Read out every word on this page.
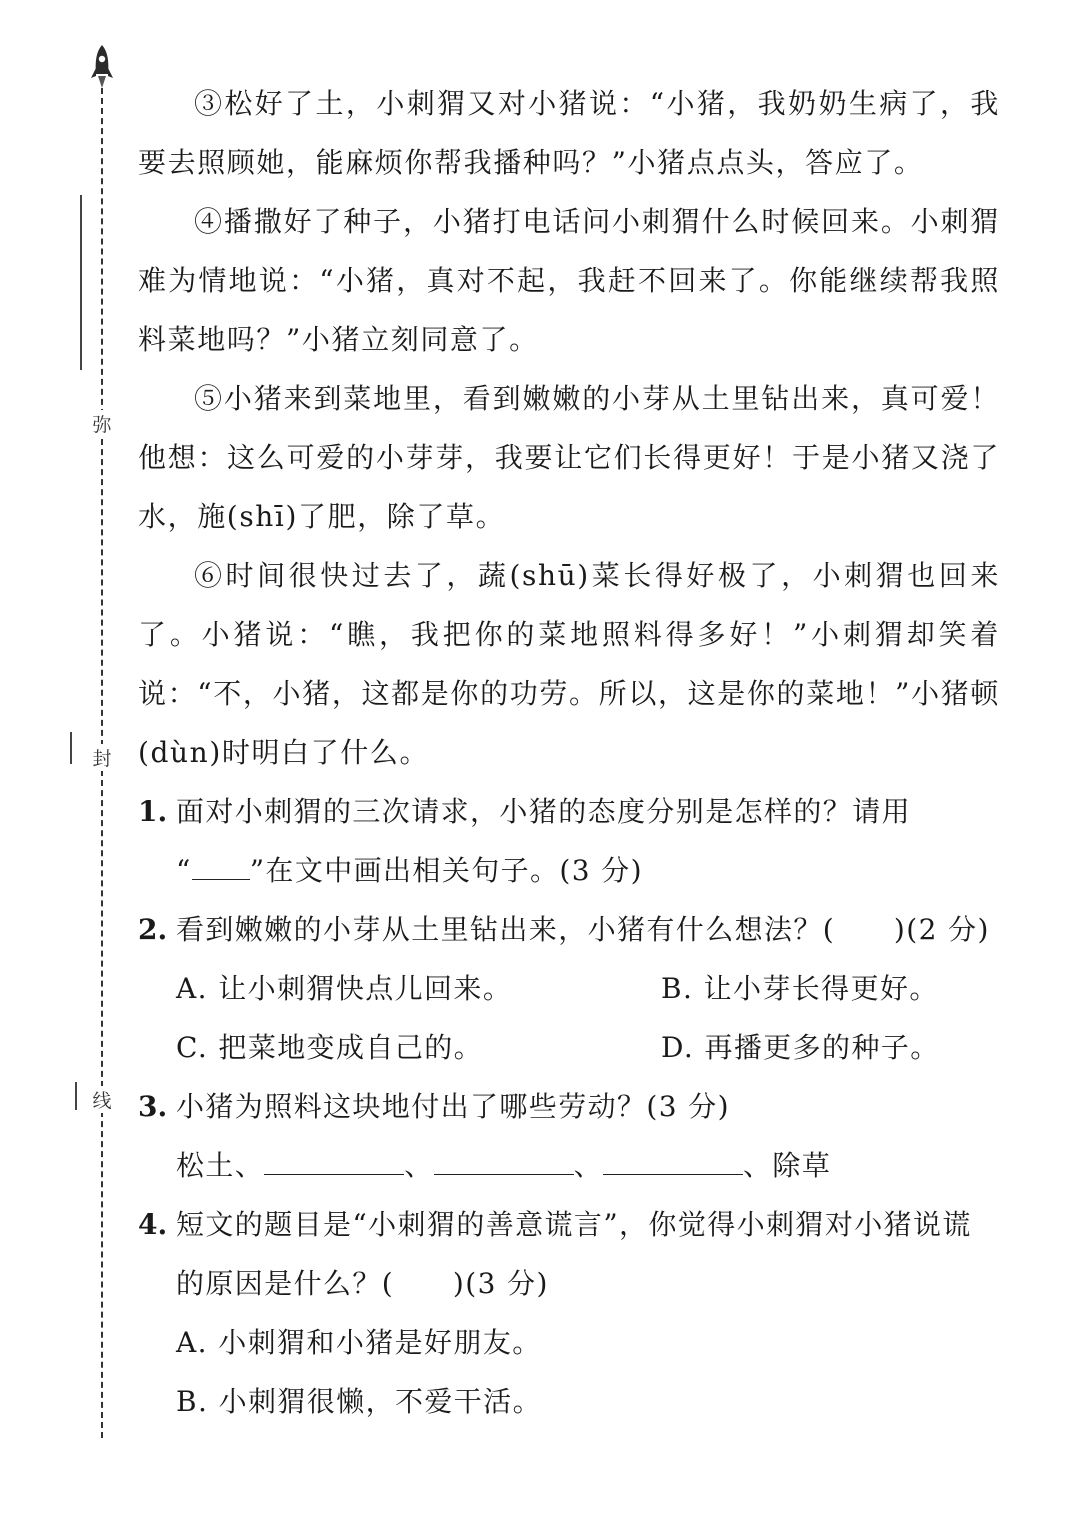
弥
封
线

③松好了土，小刺猬又对小猪说：“小猪，我奶奶生病了，我要去照顾她，能麻烦你帮我播种吗？”小猪点点头，答应了。

④播撒好了种子，小猪打电话问小刺猬什么时候回来。小刺猬难为情地说：“小猪，真对不起，我赶不回来了。你能继续帮我照料菜地吗？”小猪立刻同意了。

⑤小猪来到菜地里，看到嫩嫩的小芽从土里钻出来，真可爱！他想：这么可爱的小芽芽，我要让它们长得更好！于是小猪又浇了水，施(shī)了肥，除了草。

⑥时间很快过去了，蔬(shū)菜长得好极了，小刺猬也回来了。小猪说：“瞧，我把你的菜地照料得多好！”小刺猬却笑着说：“不，小猪，这都是你的功劳。所以，这是你的菜地！”小猪顿(dùn)时明白了什么。

1. 面对小刺猬的三次请求，小猪的态度分别是怎样的？请用
“ ”在文中画出相关句子。(3 分)
2. 看到嫩嫩的小芽从土里钻出来，小猪有什么想法？(　　)(2 分)
A. 让小刺猬快点儿回来。	B. 让小芽长得更好。
C. 把菜地变成自己的。	D. 再播更多的种子。
3. 小猪为照料这块地付出了哪些劳动？(3 分)
松土、	、	、	、除草
4. 短文的题目是“小刺猬的善意谎言”，你觉得小刺猬对小猪说谎的原因是什么？(　　)(3 分)
A. 小刺猬和小猪是好朋友。
B. 小刺猬很懒，不爱干活。
